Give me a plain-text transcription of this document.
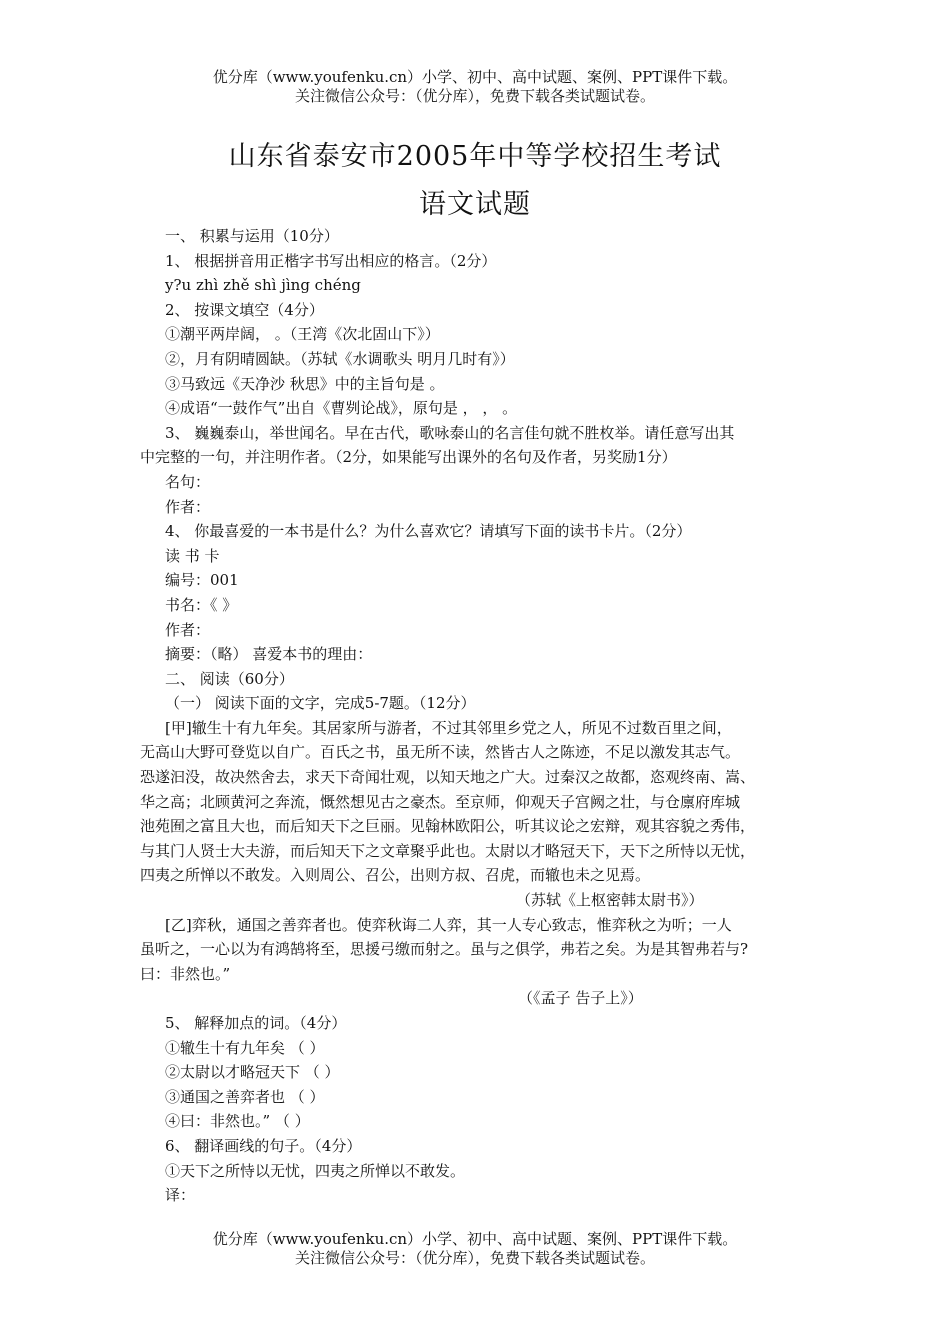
优分库（www.youfenku.cn）小学、初中、高中试题、案例、PPT课件下载。
关注微信公众号：（优分库），免费下载各类试题试卷。
山东省泰安市2005年中等学校招生考试
语文试题
一、 积累与运用（10分）
1、 根据拼音用正楷字书写出相应的格言。（2分）
y?u zhì zhě shì jìng chéng
2、 按课文填空（4分）
①潮平两岸阔， 。（王湾《次北固山下》）
②，月有阴晴圆缺。（苏轼《水调歌头 明月几时有》）
③马致远《天净沙 秋思》中的主旨句是 。
④成语“一鼓作气”出自《曹刿论战》，原句是 ， ， 。
3、 巍巍泰山，举世闻名。早在古代，歌咏泰山的名言佳句就不胜枚举。请任意写出其
中完整的一句，并注明作者。（2分，如果能写出课外的名句及作者，另奖励1分）
名句：
作者：
4、 你最喜爱的一本书是什么？为什么喜欢它？请填写下面的读书卡片。（2分）
读 书 卡
编号：001
书名：《 》
作者：
摘要：（略） 喜爱本书的理由：
二、 阅读（60分）
（一） 阅读下面的文字，完成5-7题。（12分）
[甲]辙生十有九年矣。其居家所与游者，不过其邻里乡党之人，所见不过数百里之间，
无高山大野可登览以自广。百氏之书，虽无所不读，然皆古人之陈迹，不足以激发其志气。
恐遂汩没，故决然舍去，求天下奇闻壮观，以知天地之广大。过秦汉之故都，恣观终南、嵩、
华之高；北顾黄河之奔流，慨然想见古之豪杰。至京师，仰观天子宫阙之壮，与仓廪府库城
池苑囿之富且大也，而后知天下之巨丽。见翰林欧阳公，听其议论之宏辩，观其容貌之秀伟，
与其门人贤士大夫游，而后知天下之文章聚乎此也。太尉以才略冠天下，天下之所恃以无忧，
四夷之所惮以不敢发。入则周公、召公，出则方叔、召虎，而辙也未之见焉。
（苏轼《上枢密韩太尉书》）
[乙]弈秋，通国之善弈者也。使弈秋诲二人弈，其一人专心致志，惟弈秋之为听；一人
虽听之，一心以为有鸿鹄将至，思援弓缴而射之。虽与之俱学，弗若之矣。为是其智弗若与?
曰：非然也。”
（《孟子 告子上》）
5、 解释加点的词。（4分）
①辙生十有九年矣 （ ）
②太尉以才略冠天下 （ ）
③通国之善弈者也 （ ）
④曰：非然也。” （ ）
6、 翻译画线的句子。（4分）
①天下之所恃以无忧，四夷之所惮以不敢发。
译：
优分库（www.youfenku.cn）小学、初中、高中试题、案例、PPT课件下载。
关注微信公众号：（优分库），免费下载各类试题试卷。
